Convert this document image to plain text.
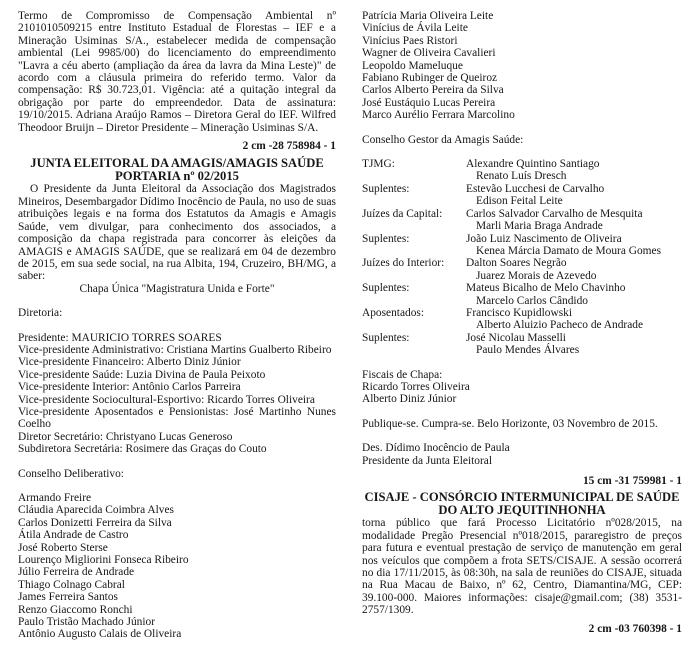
Termo de Compromisso de Compensação Ambiental nº 2101010509215 entre Instituto Estadual de Florestas – IEF e a Mineração Usiminas S/A., estabelecer medida de compensação ambiental (Lei 9985/00) do licenciamento do empreendimento "Lavra a céu aberto (ampliação da área da lavra da Mina Leste)" de acordo com a cláusula primeira do referido termo. Valor da compensação: R$ 30.723,01. Vigência: até a quitação integral da obrigação por parte do empreendedor. Data de assinatura: 19/10/2015. Adriana Araújo Ramos – Diretora Geral do IEF. Wilfred Theodoor Bruijn – Diretor Presidente – Mineração Usiminas S/A.

2 cm -28 758984 - 1

JUNTA ELEITORAL DA AMAGIS/AMAGIS SAÚDE

PORTARIA nº 02/2015

O Presidente da Junta Eleitoral da Associação dos Magistrados Mineiros, Desembargador Dídimo Inocêncio de Paula, no uso de suas atribuições legais e na forma dos Estatutos da Amagis e Amagis Saúde, vem divulgar, para conhecimento dos associados, a composição da chapa registrada para concorrer às eleições da AMAGIS e AMAGIS SAÚDE, que se realizará em 04 de dezembro de 2015, em sua sede social, na rua Albita, 194, Cruzeiro, BH/MG, a saber:

Chapa Única "Magistratura Unida e Forte"

Diretoria:

Presidente: MAURICIO TORRES SOARES
Vice-presidente Administrativo: Cristiana Martins Gualberto Ribeiro
Vice-presidente Financeiro: Alberto Diniz Júnior
Vice-presidente Saúde: Luzia Divina de Paula Peixoto
Vice-presidente Interior: Antônio Carlos Parreira
Vice-presidente Sociocultural-Esportivo: Ricardo Torres Oliveira

Vice-presidente Aposentados e Pensionistas: José Martinho Nunes Coelho

Diretor Secretário: Christyano Lucas Generoso
Subdiretora Secretária: Rosimere das Graças do Couto

Conselho Deliberativo:

Armando Freire
Cláudia Aparecida Coimbra Alves
Carlos Donizetti Ferreira da Silva
Átila Andrade de Castro
José Roberto Sterse
Lourenço Migliorini Fonseca Ribeiro
Júlio Ferreira de Andrade
Thiago Colnago Cabral
James Ferreira Santos
Renzo Giaccomo Ronchi
Paulo Tristão Machado Júnior
Antônio Augusto Calais de Oliveira
Patrícia Maria Oliveira Leite
Vinícius de Ávila Leite
Vinícius Paes Ristori
Wagner de Oliveira Cavalieri
Leopoldo Mameluque
Fabiano Rubinger de Queiroz
Carlos Alberto Pereira da Silva
José Eustáquio Lucas Pereira
Marco Aurélio Ferrara Marcolino

Conselho Gestor da Amagis Saúde:

TJMG:	Alexandre Quintino Santiago
Renato Luís Dresch
Suplentes:	Estevão Lucchesi de Carvalho
Edison Feital Leite
Juízes da Capital:	Carlos Salvador Carvalho de Mesquita
Marli Maria Braga Andrade
Suplentes:	João Luiz Nascimento de Oliveira
Kenea Márcia Damato de Moura Gomes
Juízes do Interior:	Dalton Soares Negrão
Juarez Morais de Azevedo
Suplentes:	Mateus Bicalho de Melo Chavinho
Marcelo Carlos Cândido
Aposentados:	Francisco Kupidlowski
Alberto Aluizio Pacheco de Andrade
Suplentes:	José Nicolau Masselli
Paulo Mendes Álvares

Fiscais de Chapa:

Ricardo Torres Oliveira
Alberto Diniz Júnior

Publique-se. Cumpra-se. Belo Horizonte, 03 Novembro de 2015.

Des. Dídimo Inocêncio de Paula

Presidente da Junta Eleitoral

15 cm -31 759981 - 1

CISAJE - CONSÓRCIO INTERMUNICIPAL DE SAÚDE

DO ALTO JEQUITINHONHA

torna público que fará Processo Licitatório nº028/2015, na modalidade Pregão Presencial nº018/2015, pararegistro de preços para futura e eventual prestação de serviço de manutenção em geral nos veículos que compõem a frota SETS/CISAJE. A sessão ocorrerá no dia 17/11/2015, às 08:30h, na sala de reuniões do CISAJE, situada na Rua Macau de Baixo, nº 62, Centro, Diamantina/MG, CEP: 39.100-000. Maiores informações: cisaje@gmail.com; (38) 3531-2757/1309.

2 cm -03 760398 - 1
